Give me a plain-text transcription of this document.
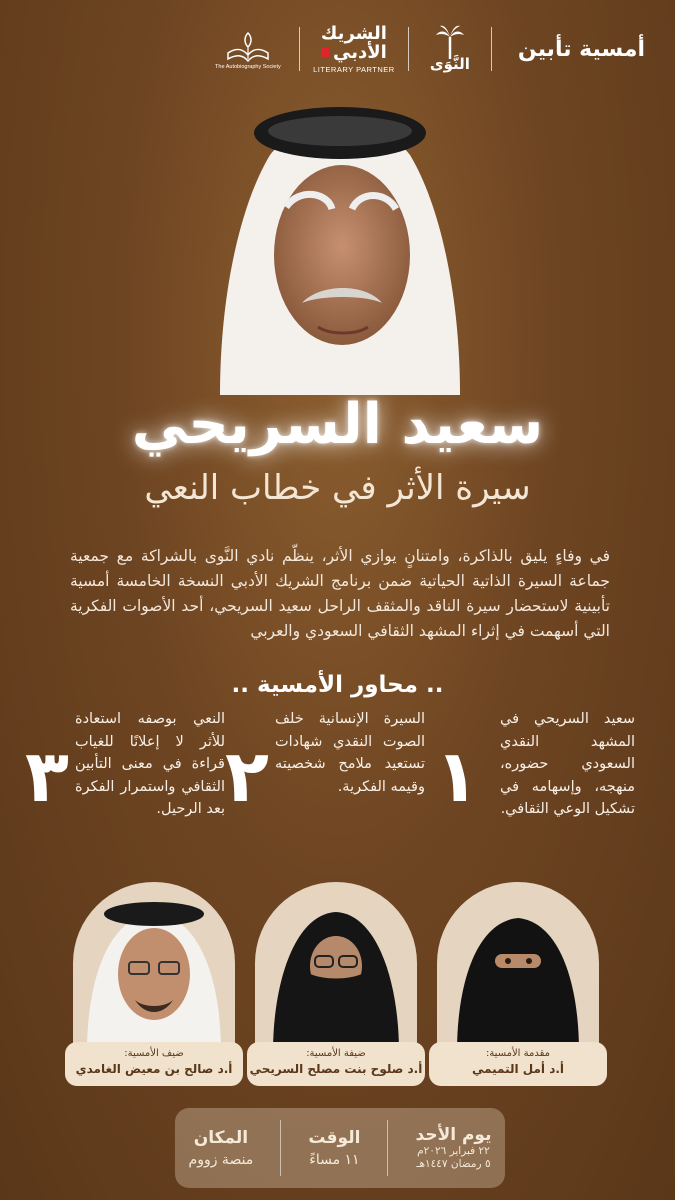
أمسية تأبين
النَّوَى
الشريك
الأدبي
LITERARY PARTNER
The Autobiography Society
سعيد السريحي
سيرة الأثر في خطاب النعي

في وفاءٍ يليق بالذاكرة، وامتنانٍ يوازي الأثر، ينظّم نادي النَّوى بالشراكة مع جمعية جماعة السيرة الذاتية الحياتية ضمن برنامج الشريك الأدبي النسخة الخامسة أمسية تأبينية لاستحضار سيرة الناقد والمثقف الراحل سعيد السريحي، أحد الأصوات الفكرية التي أسهمت في إثراء المشهد الثقافي السعودي والعربي

.. محاور الأمسية ..
سعيد السريحي في المشهد النقدي السعودي حضوره، منهجه، وإسهامه في تشكيل الوعي الثقافي.
١
السيرة الإنسانية خلف الصوت النقدي شهادات تستعيد ملامح شخصيته وقيمه الفكرية.
٢
النعي بوصفه استعادة للأثر لا إعلانًا للغياب قراءة في معنى التأبين الثقافي واستمرار الفكرة بعد الرحيل.
٣
مقدمة الأمسية:
أ.د أمل التميمي
ضيفة الأمسية:
أ.د صلوح بنت مصلح السريحي
ضيف الأمسية:
أ.د صالح بن معيض الغامدي
يوم الأحد
٢٢ فبراير ٢٠٢٦م
٥ رمضان ١٤٤٧هـ
الوقت
١١ مساءً
المكان
منصة زووم
